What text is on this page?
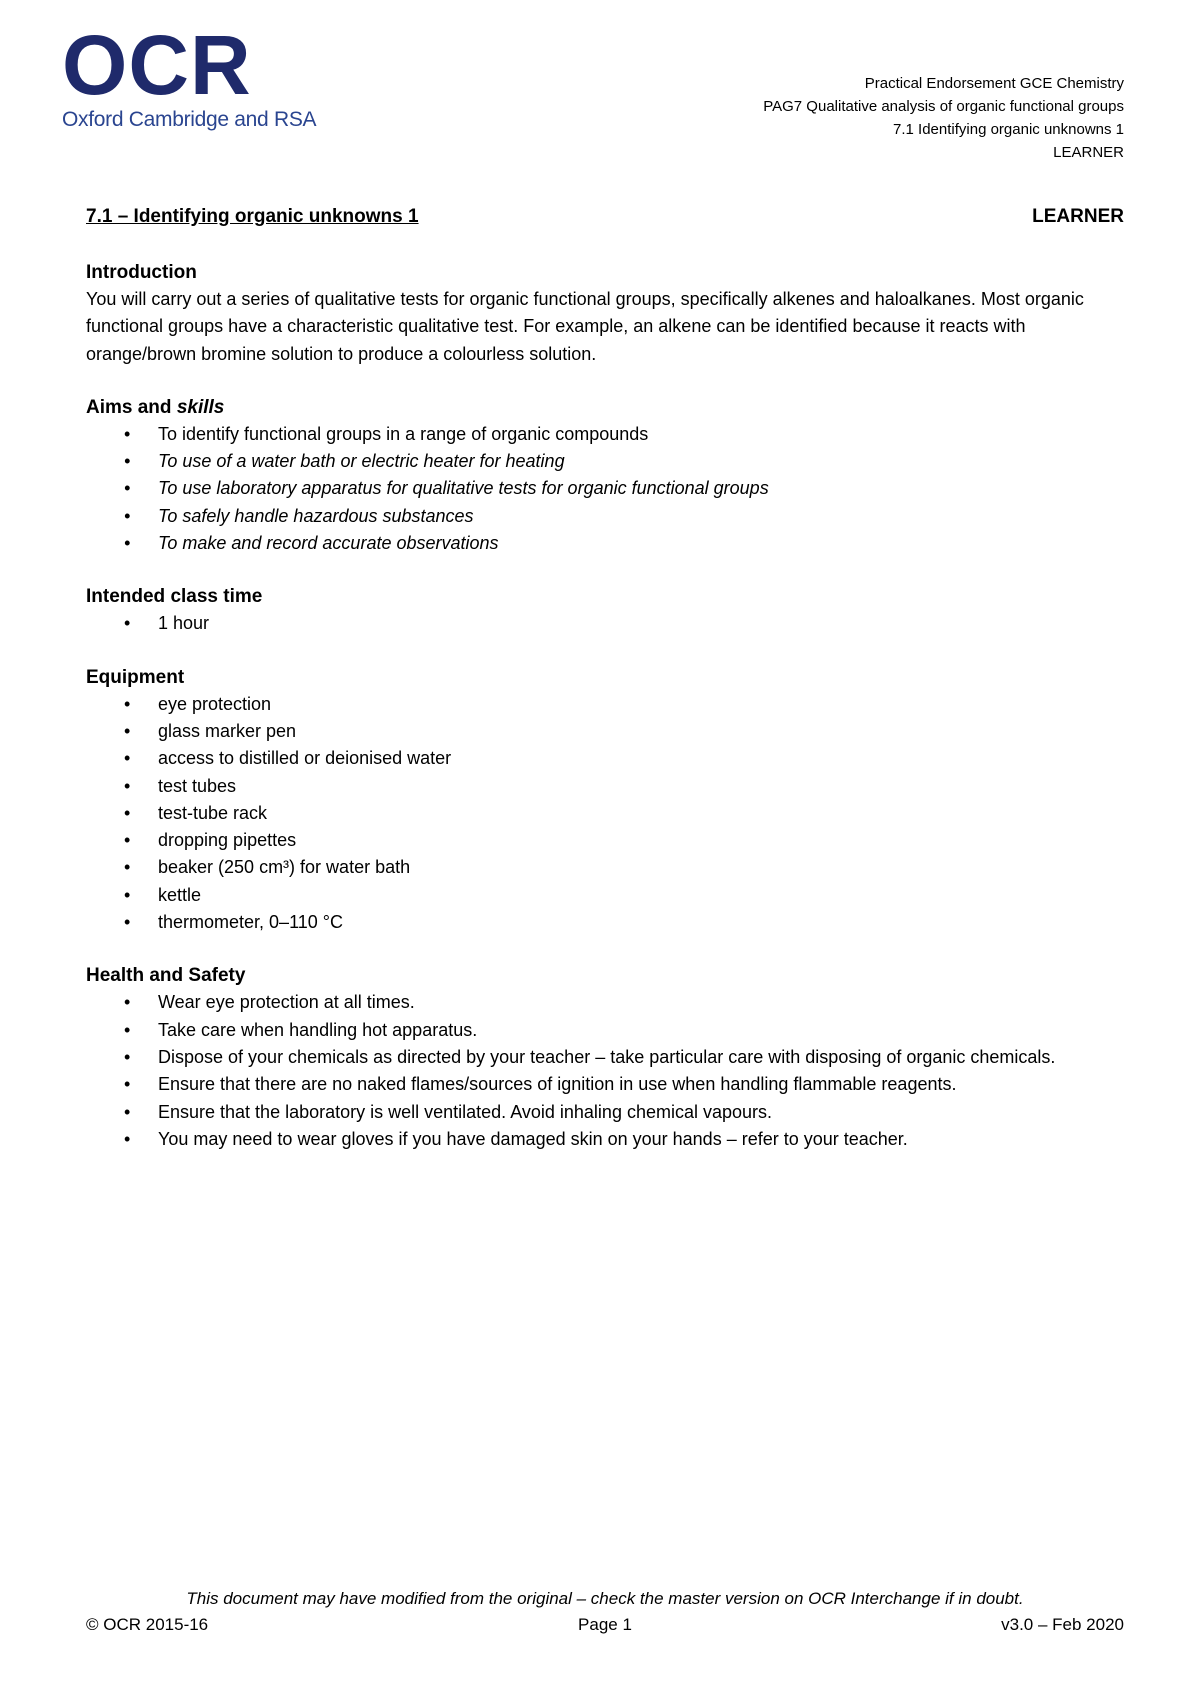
OCR
Oxford Cambridge and RSA
Practical Endorsement GCE Chemistry
PAG7 Qualitative analysis of organic functional groups
7.1 Identifying organic unknowns 1
LEARNER
7.1 – Identifying organic unknowns 1	LEARNER
Introduction

You will carry out a series of qualitative tests for organic functional groups, specifically alkenes and haloalkanes. Most organic functional groups have a characteristic qualitative test. For example, an alkene can be identified because it reacts with orange/brown bromine solution to produce a colourless solution.

Aims and skills
• To identify functional groups in a range of organic compounds
• To use of a water bath or electric heater for heating
• To use laboratory apparatus for qualitative tests for organic functional groups
• To safely handle hazardous substances
• To make and record accurate observations
Intended class time
• 1 hour
Equipment
• eye protection
• glass marker pen
• access to distilled or deionised water
• test tubes
• test-tube rack
• dropping pipettes
• beaker (250 cm³) for water bath
• kettle
• thermometer, 0–110 °C
Health and Safety
• Wear eye protection at all times.
• Take care when handling hot apparatus.
• Dispose of your chemicals as directed by your teacher – take particular care with disposing of organic chemicals.
• Ensure that there are no naked flames/sources of ignition in use when handling flammable reagents.
• Ensure that the laboratory is well ventilated. Avoid inhaling chemical vapours.
• You may need to wear gloves if you have damaged skin on your hands – refer to your teacher.
This document may have modified from the original – check the master version on OCR Interchange if in doubt.
© OCR 2015-16	Page 1	v3.0 – Feb 2020
